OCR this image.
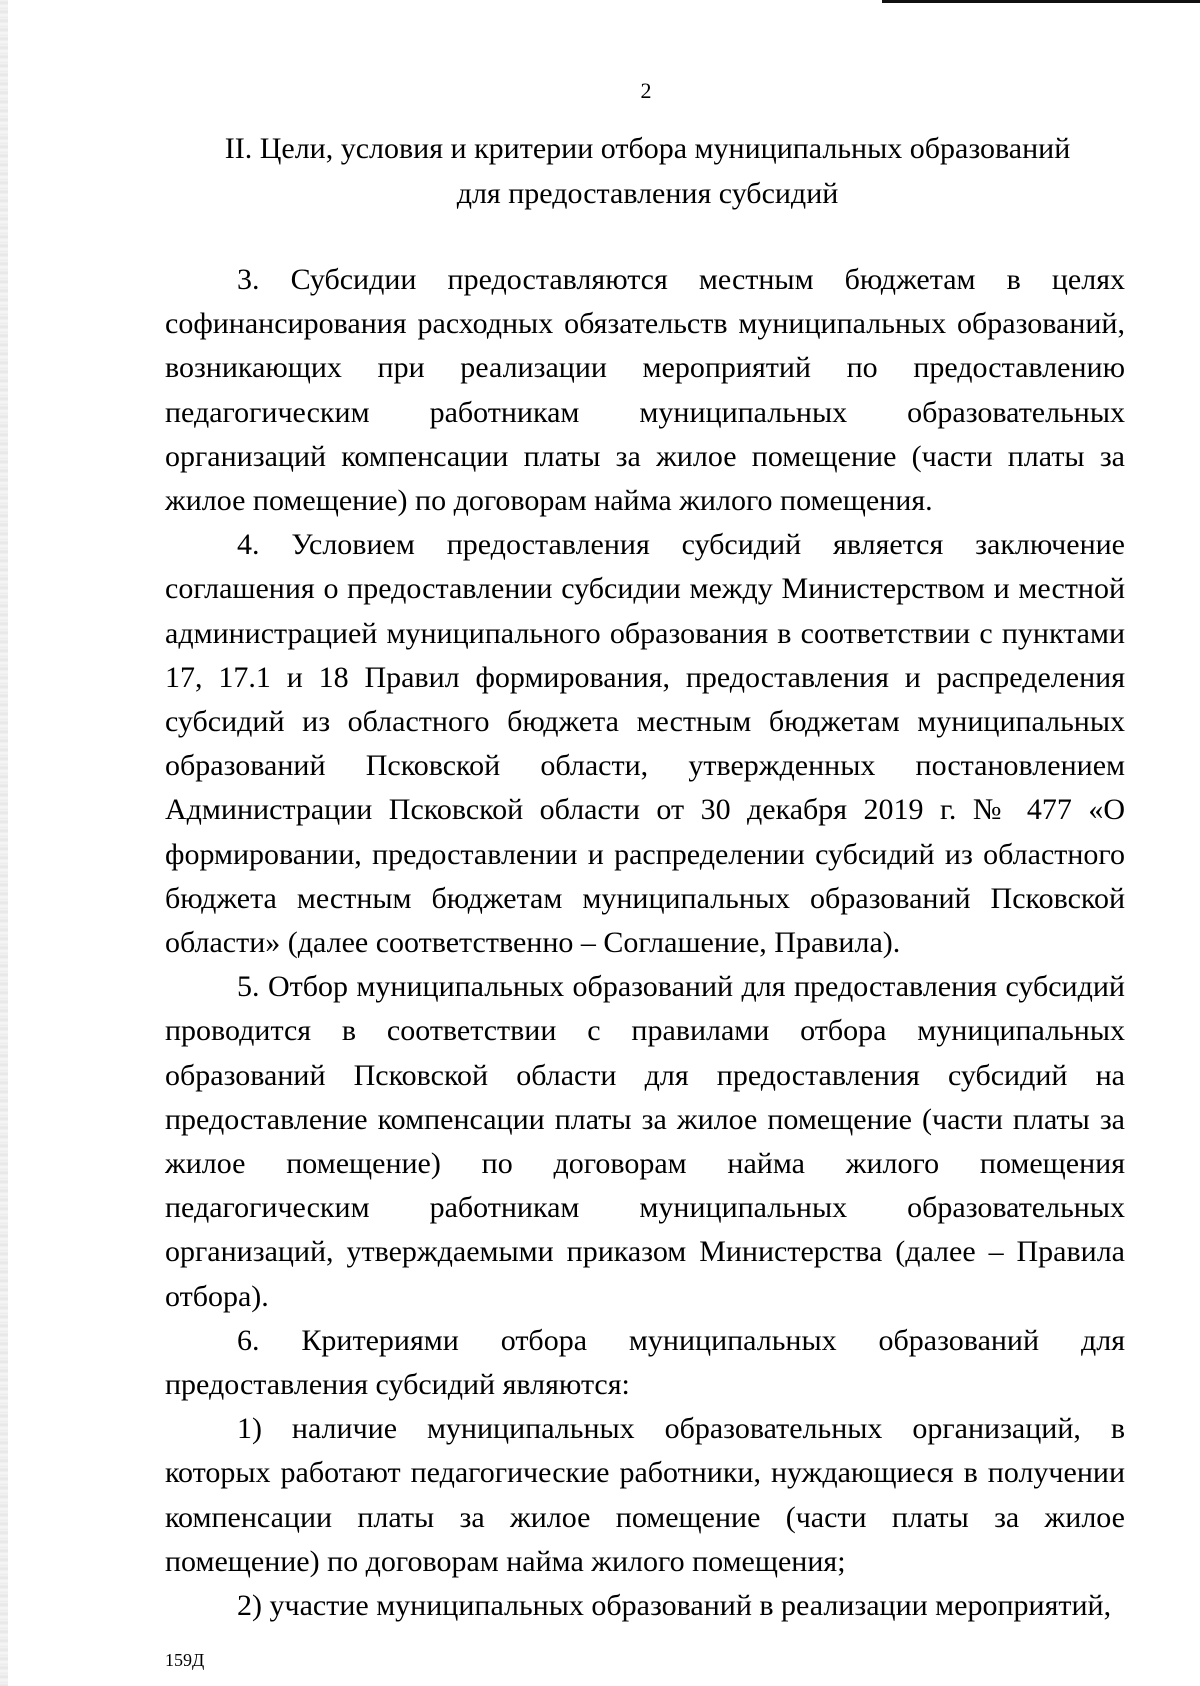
2
II. Цели, условия и критерии отбора муниципальных образований
для предоставления субсидий

3. Субсидии предоставляются местным бюджетам в целях софинансирования расходных обязательств муниципальных образований, возникающих при реализации мероприятий по предоставлению педагогическим работникам муниципальных образовательных организаций компенсации платы за жилое помещение (части платы за жилое помещение) по договорам найма жилого помещения.

4. Условием предоставления субсидий является заключение соглашения о предоставлении субсидии между Министерством и местной администрацией муниципального образования в соответствии с пунктами 17, 17.1 и 18 Правил формирования, предоставления и распределения субсидий из областного бюджета местным бюджетам муниципальных образований Псковской области, утвержденных постановлением Администрации Псковской области от 30 декабря 2019 г. № 477 «О формировании, предоставлении и распределении субсидий из областного бюджета местным бюджетам муниципальных образований Псковской области» (далее соответственно – Соглашение, Правила).

5. Отбор муниципальных образований для предоставления субсидий проводится в соответствии с правилами отбора муниципальных образований Псковской области для предоставления субсидий на предоставление компенсации платы за жилое помещение (части платы за жилое помещение) по договорам найма жилого помещения педагогическим работникам муниципальных образовательных организаций, утверждаемыми приказом Министерства (далее – Правила отбора).

6. Критериями отбора муниципальных образований для предоставления субсидий являются:

1) наличие муниципальных образовательных организаций, в которых работают педагогические работники, нуждающиеся в получении компенсации платы за жилое помещение (части платы за жилое помещение) по договорам найма жилого помещения;

2) участие муниципальных образований в реализации мероприятий,

159Д
